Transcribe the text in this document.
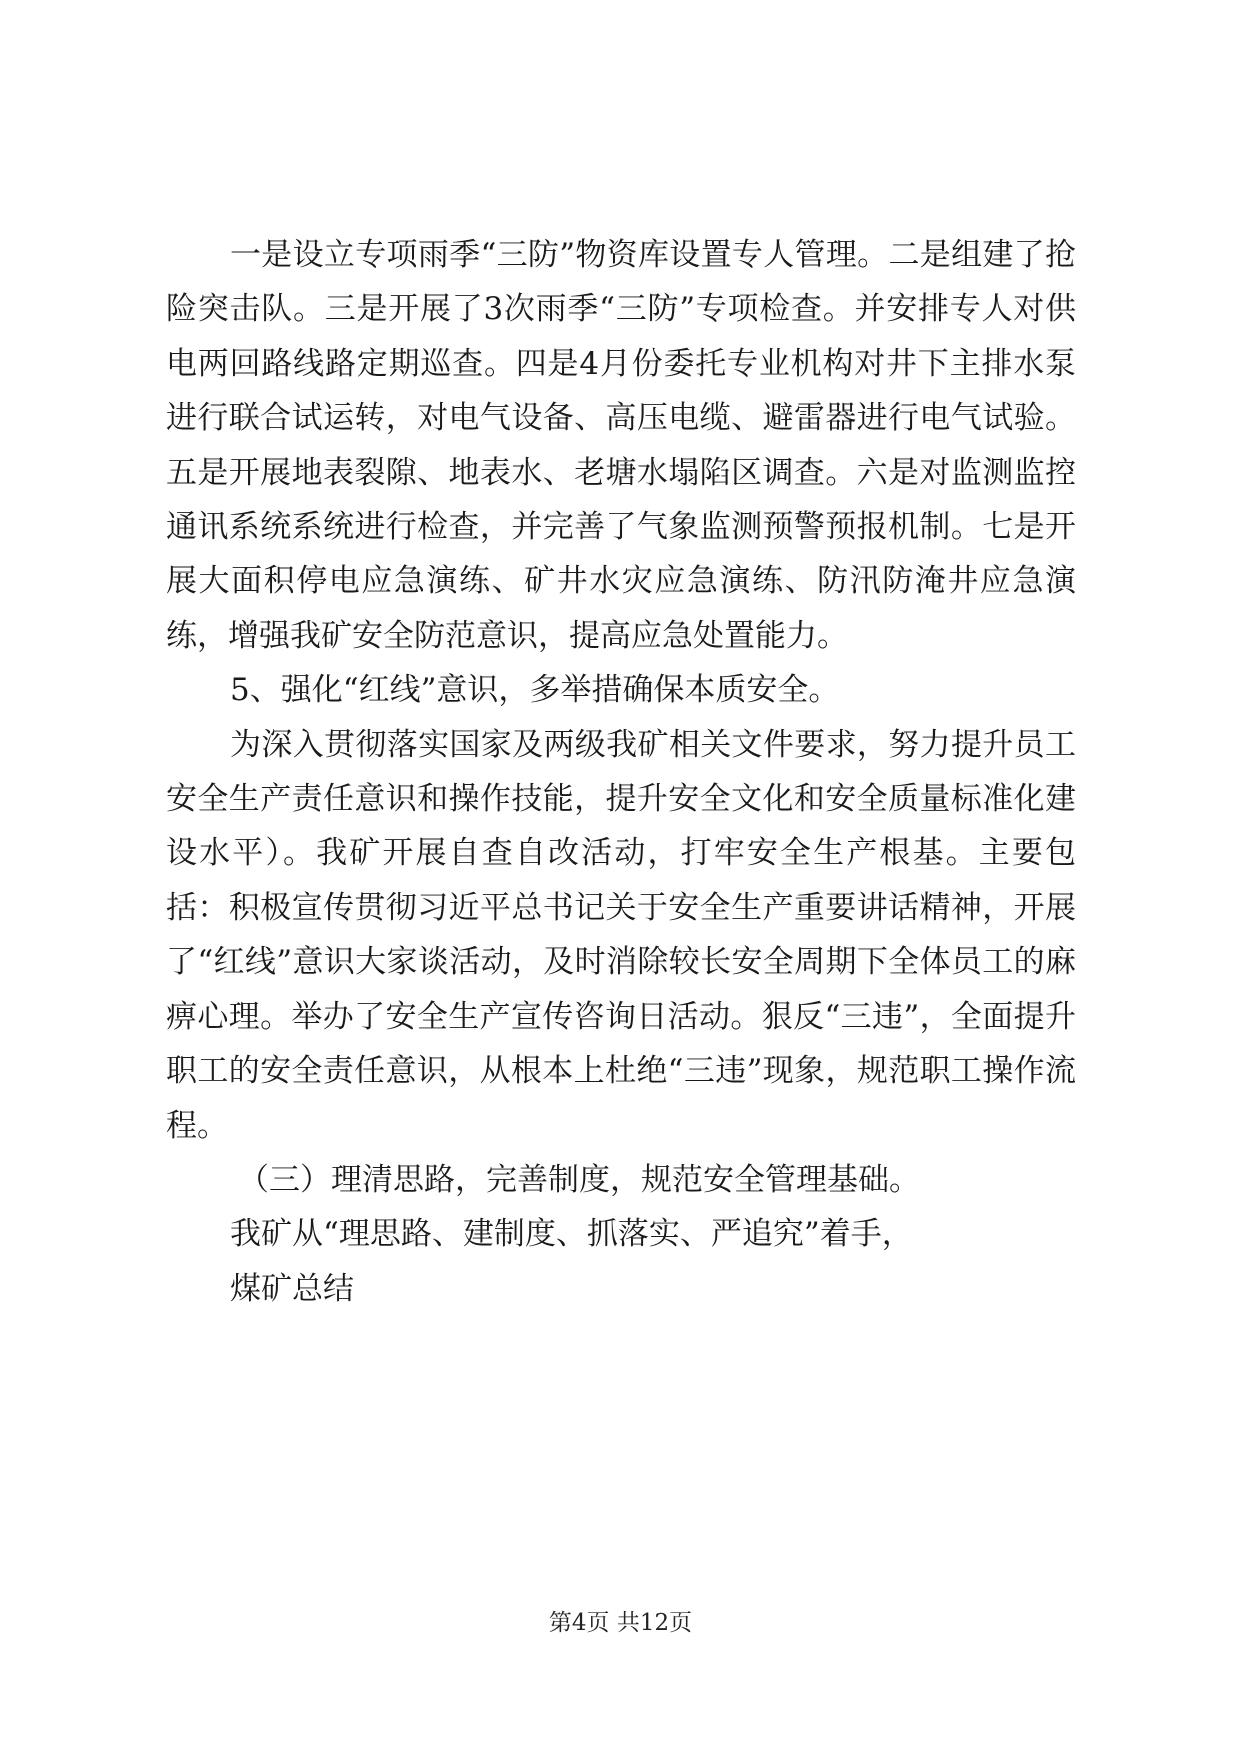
一是设立专项雨季“三防”物资库设置专人管理。二是组建了抢险突击队。三是开展了3次雨季“三防”专项检查。并安排专人对供电两回路线路定期巡查。四是4月份委托专业机构对井下主排水泵进行联合试运转，对电气设备、高压电缆、避雷器进行电气试验。五是开展地表裂隙、地表水、老塘水塌陷区调查。六是对监测监控通讯系统系统进行检查，并完善了气象监测预警预报机制。七是开展大面积停电应急演练、矿井水灾应急演练、防汛防淹井应急演练，增强我矿安全防范意识，提高应急处置能力。

5、强化“红线”意识，多举措确保本质安全。

为深入贯彻落实国家及两级我矿相关文件要求，努力提升员工安全生产责任意识和操作技能，提升安全文化和安全质量标准化建设水平）。我矿开展自查自改活动，打牢安全生产根基。主要包括：积极宣传贯彻习近平总书记关于安全生产重要讲话精神，开展了“红线”意识大家谈活动，及时消除较长安全周期下全体员工的麻痹心理。举办了安全生产宣传咨询日活动。狠反“三违”，全面提升职工的安全责任意识，从根本上杜绝“三违”现象，规范职工操作流程。

（三）理清思路，完善制度，规范安全管理基础。

我矿从“理思路、建制度、抓落实、严追究”着手，

煤矿总结

第4页 共12页
